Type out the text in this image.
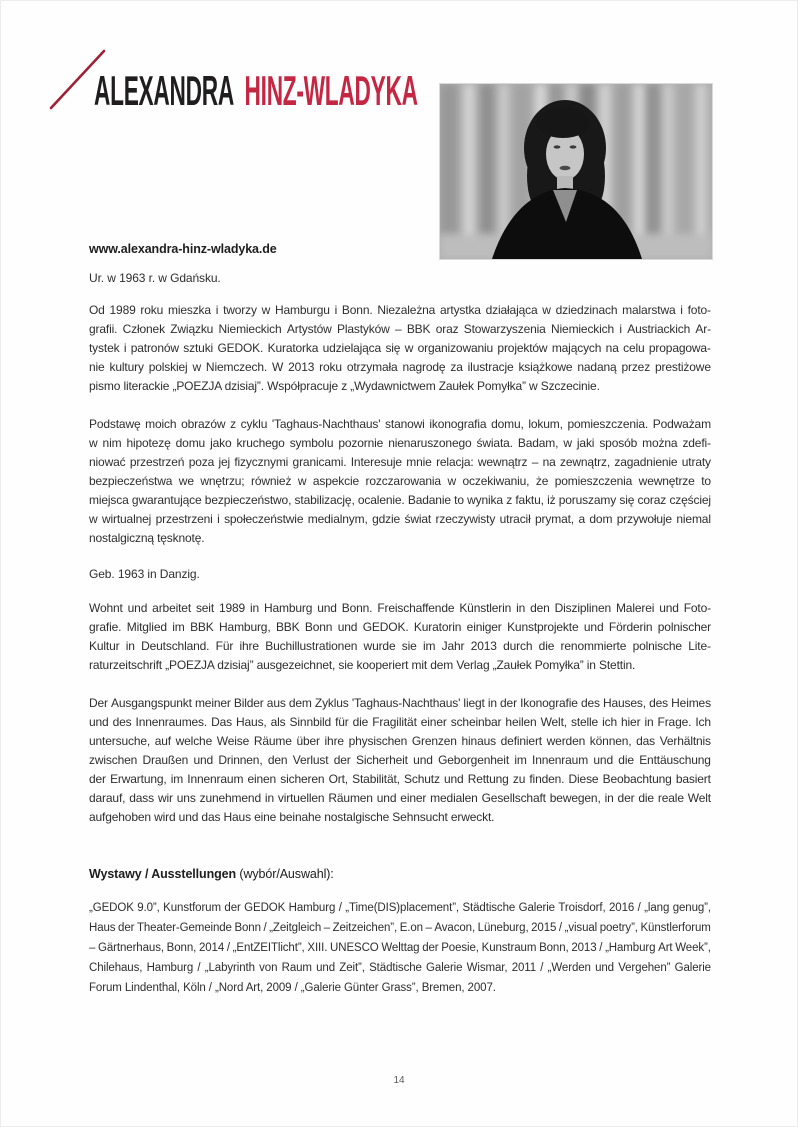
ALEXANDRA HINZ-WLADYKA
www.alexandra-hinz-wladyka.de
Ur. w 1963 r. w Gdańsku.
Od 1989 roku mieszka i tworzy w Hamburgu i Bonn. Niezależna artystka działająca w dziedzinach malarstwa i foto-
grafii. Członek Związku Niemieckich Artystów Plastyków – BBK oraz Stowarzyszenia Niemieckich i Austriackich Ar-
tystek i patronów sztuki GEDOK. Kuratorka udzielająca się w organizowaniu projektów mających na celu propagowa-
nie kultury polskiej w Niemczech. W 2013 roku otrzymała nagrodę za ilustracje książkowe nadaną przez prestiżowe
pismo literackie „POEZJA dzisiaj”. Współpracuje z „Wydawnictwem Zaułek Pomyłka” w Szczecinie.
Podstawę moich obrazów z cyklu 'Taghaus-Nachthaus' stanowi ikonografia domu, lokum, pomieszczenia. Podważam
w nim hipotezę domu jako kruchego symbolu pozornie nienaruszonego świata. Badam, w jaki sposób można zdefi-
niować przestrzeń poza jej fizycznymi granicami. Interesuje mnie relacja: wewnątrz – na zewnątrz, zagadnienie utraty
bezpieczeństwa we wnętrzu; również w aspekcie rozczarowania w oczekiwaniu, że pomieszczenia wewnętrze to
miejsca gwarantujące bezpieczeństwo, stabilizację, ocalenie. Badanie to wynika z faktu, iż poruszamy się coraz częściej
w wirtualnej przestrzeni i społeczeństwie medialnym, gdzie świat rzeczywisty utracił prymat, a dom przywołuje niemal
nostalgiczną tęsknotę.
Geb. 1963 in Danzig.
Wohnt und arbeitet seit 1989 in Hamburg und Bonn. Freischaffende Künstlerin in den Disziplinen Malerei und Foto-
grafie. Mitglied im BBK Hamburg, BBK Bonn und GEDOK. Kuratorin einiger Kunstprojekte und Förderin polnischer
Kultur in Deutschland. Für ihre Buchillustrationen wurde sie im Jahr 2013 durch die renommierte polnische Lite-
raturzeitschrift „POEZJA dzisiaj” ausgezeichnet, sie kooperiert mit dem Verlag „Zaułek Pomyłka” in Stettin.
Der Ausgangspunkt meiner Bilder aus dem Zyklus 'Taghaus-Nachthaus' liegt in der Ikonografie des Hauses, des Heimes
und des Innenraumes. Das Haus, als Sinnbild für die Fragilität einer scheinbar heilen Welt, stelle ich hier in Frage. Ich
untersuche, auf welche Weise Räume über ihre physischen Grenzen hinaus definiert werden können, das Verhältnis
zwischen Draußen und Drinnen, den Verlust der Sicherheit und Geborgenheit im Innenraum und die Enttäuschung
der Erwartung, im Innenraum einen sicheren Ort, Stabilität, Schutz und Rettung zu finden. Diese Beobachtung basiert
darauf, dass wir uns zunehmend in virtuellen Räumen und einer medialen Gesellschaft bewegen, in der die reale Welt
aufgehoben wird und das Haus eine beinahe nostalgische Sehnsucht erweckt.
Wystawy / Ausstellungen (wybór/Auswahl):
„GEDOK 9.0”, Kunstforum der GEDOK Hamburg / „Time(DIS)placement”, Städtische Galerie Troisdorf, 2016 / „lang genug”,
Haus der Theater-Gemeinde Bonn / „Zeitgleich – Zeitzeichen”, E.on – Avacon, Lüneburg, 2015 / „visual poetry”, Künstlerforum
– Gärtnerhaus, Bonn, 2014 / „EntZEITlicht”, XIII. UNESCO Welttag der Poesie, Kunstraum Bonn, 2013 / „Hamburg Art Week”,
Chilehaus, Hamburg / „Labyrinth von Raum und Zeit”, Städtische Galerie Wismar, 2011 / „Werden und Vergehen” Galerie
Forum Lindenthal, Köln / „Nord Art, 2009 / „Galerie Günter Grass”, Bremen, 2007.
14
